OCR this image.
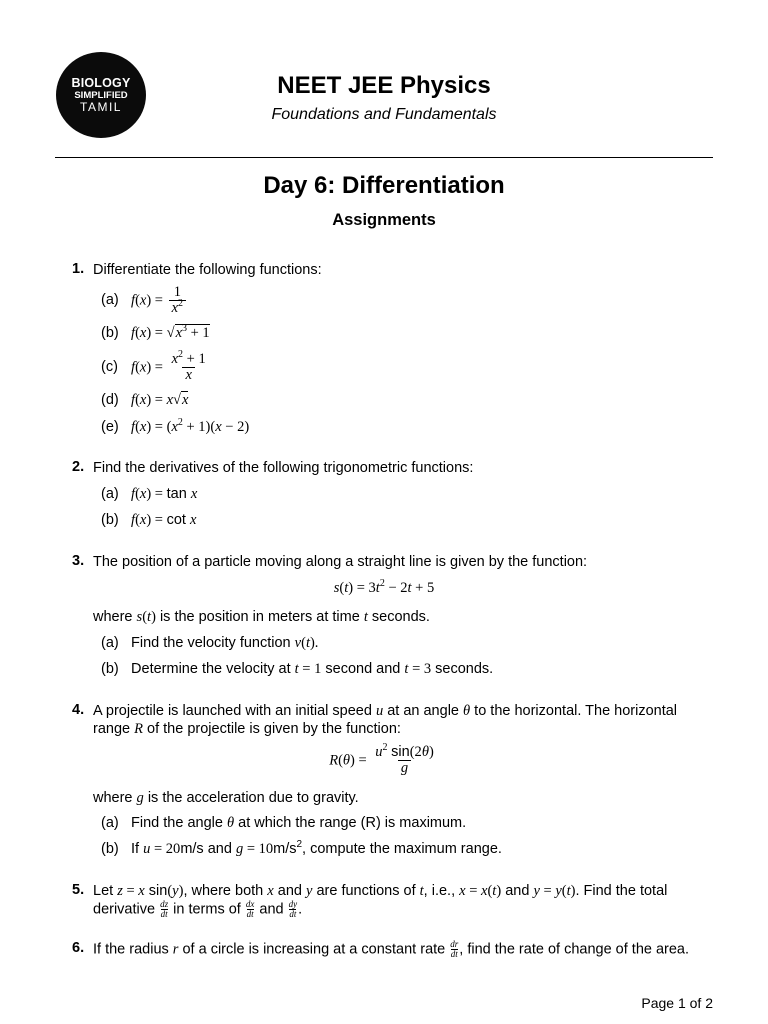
BIOLOGY
SIMPLIFIED
TAMIL
NEET JEE Physics
Foundations and Fundamentals
Day 6: Differentiation
Assignments
1. Differentiate the following functions:
(a) $f(x) = \frac{1}{x^2}$
(b) $f(x) = √x^3 + 1$
(c) $f(x) = \frac{x^2 + 1}{x}$
(d) f(x) = x√x
(e) $f(x) = (x^2 + 1)(x - 2)$
2. Find the derivatives of the following trigonometric functions:
(a) f(x) = tan x
(b) f(x) = cot x
3. The position of a particle moving along a straight line is given by the function:
$s(t) = 3t^2 - 2t + 5$
where s(t) is the position in meters at time t seconds.
(a) Find the velocity function v(t).
(b) Determine the velocity at t = 1 second and t = 3 seconds.
4. A projectile is launched with an initial speed u at an angle θ to the horizontal. The horizontal range R of the projectile is given by the function:
$R(\theta) = \frac{u^2 \sin(2\theta)}{g}$
where g is the acceleration due to gravity.
(a) Find the angle θ at which the range (R) is maximum.
(b) If u = 20m/s and $g = 10m/s^2$, compute the maximum range.
5. Let z = x sin(y), where both x and y are functions of t, i.e., x = x(t) and y = y(t). Find the total derivative $\frac{dz}{dt}$ in terms of $\frac{dx}{dt}$ and $\frac{dy}{dt}$ .
6. If the radius r of a circle is increasing at a constant rate $\frac{dr}{dt}$ , find the rate of change of the area.
Page 1 of 2
